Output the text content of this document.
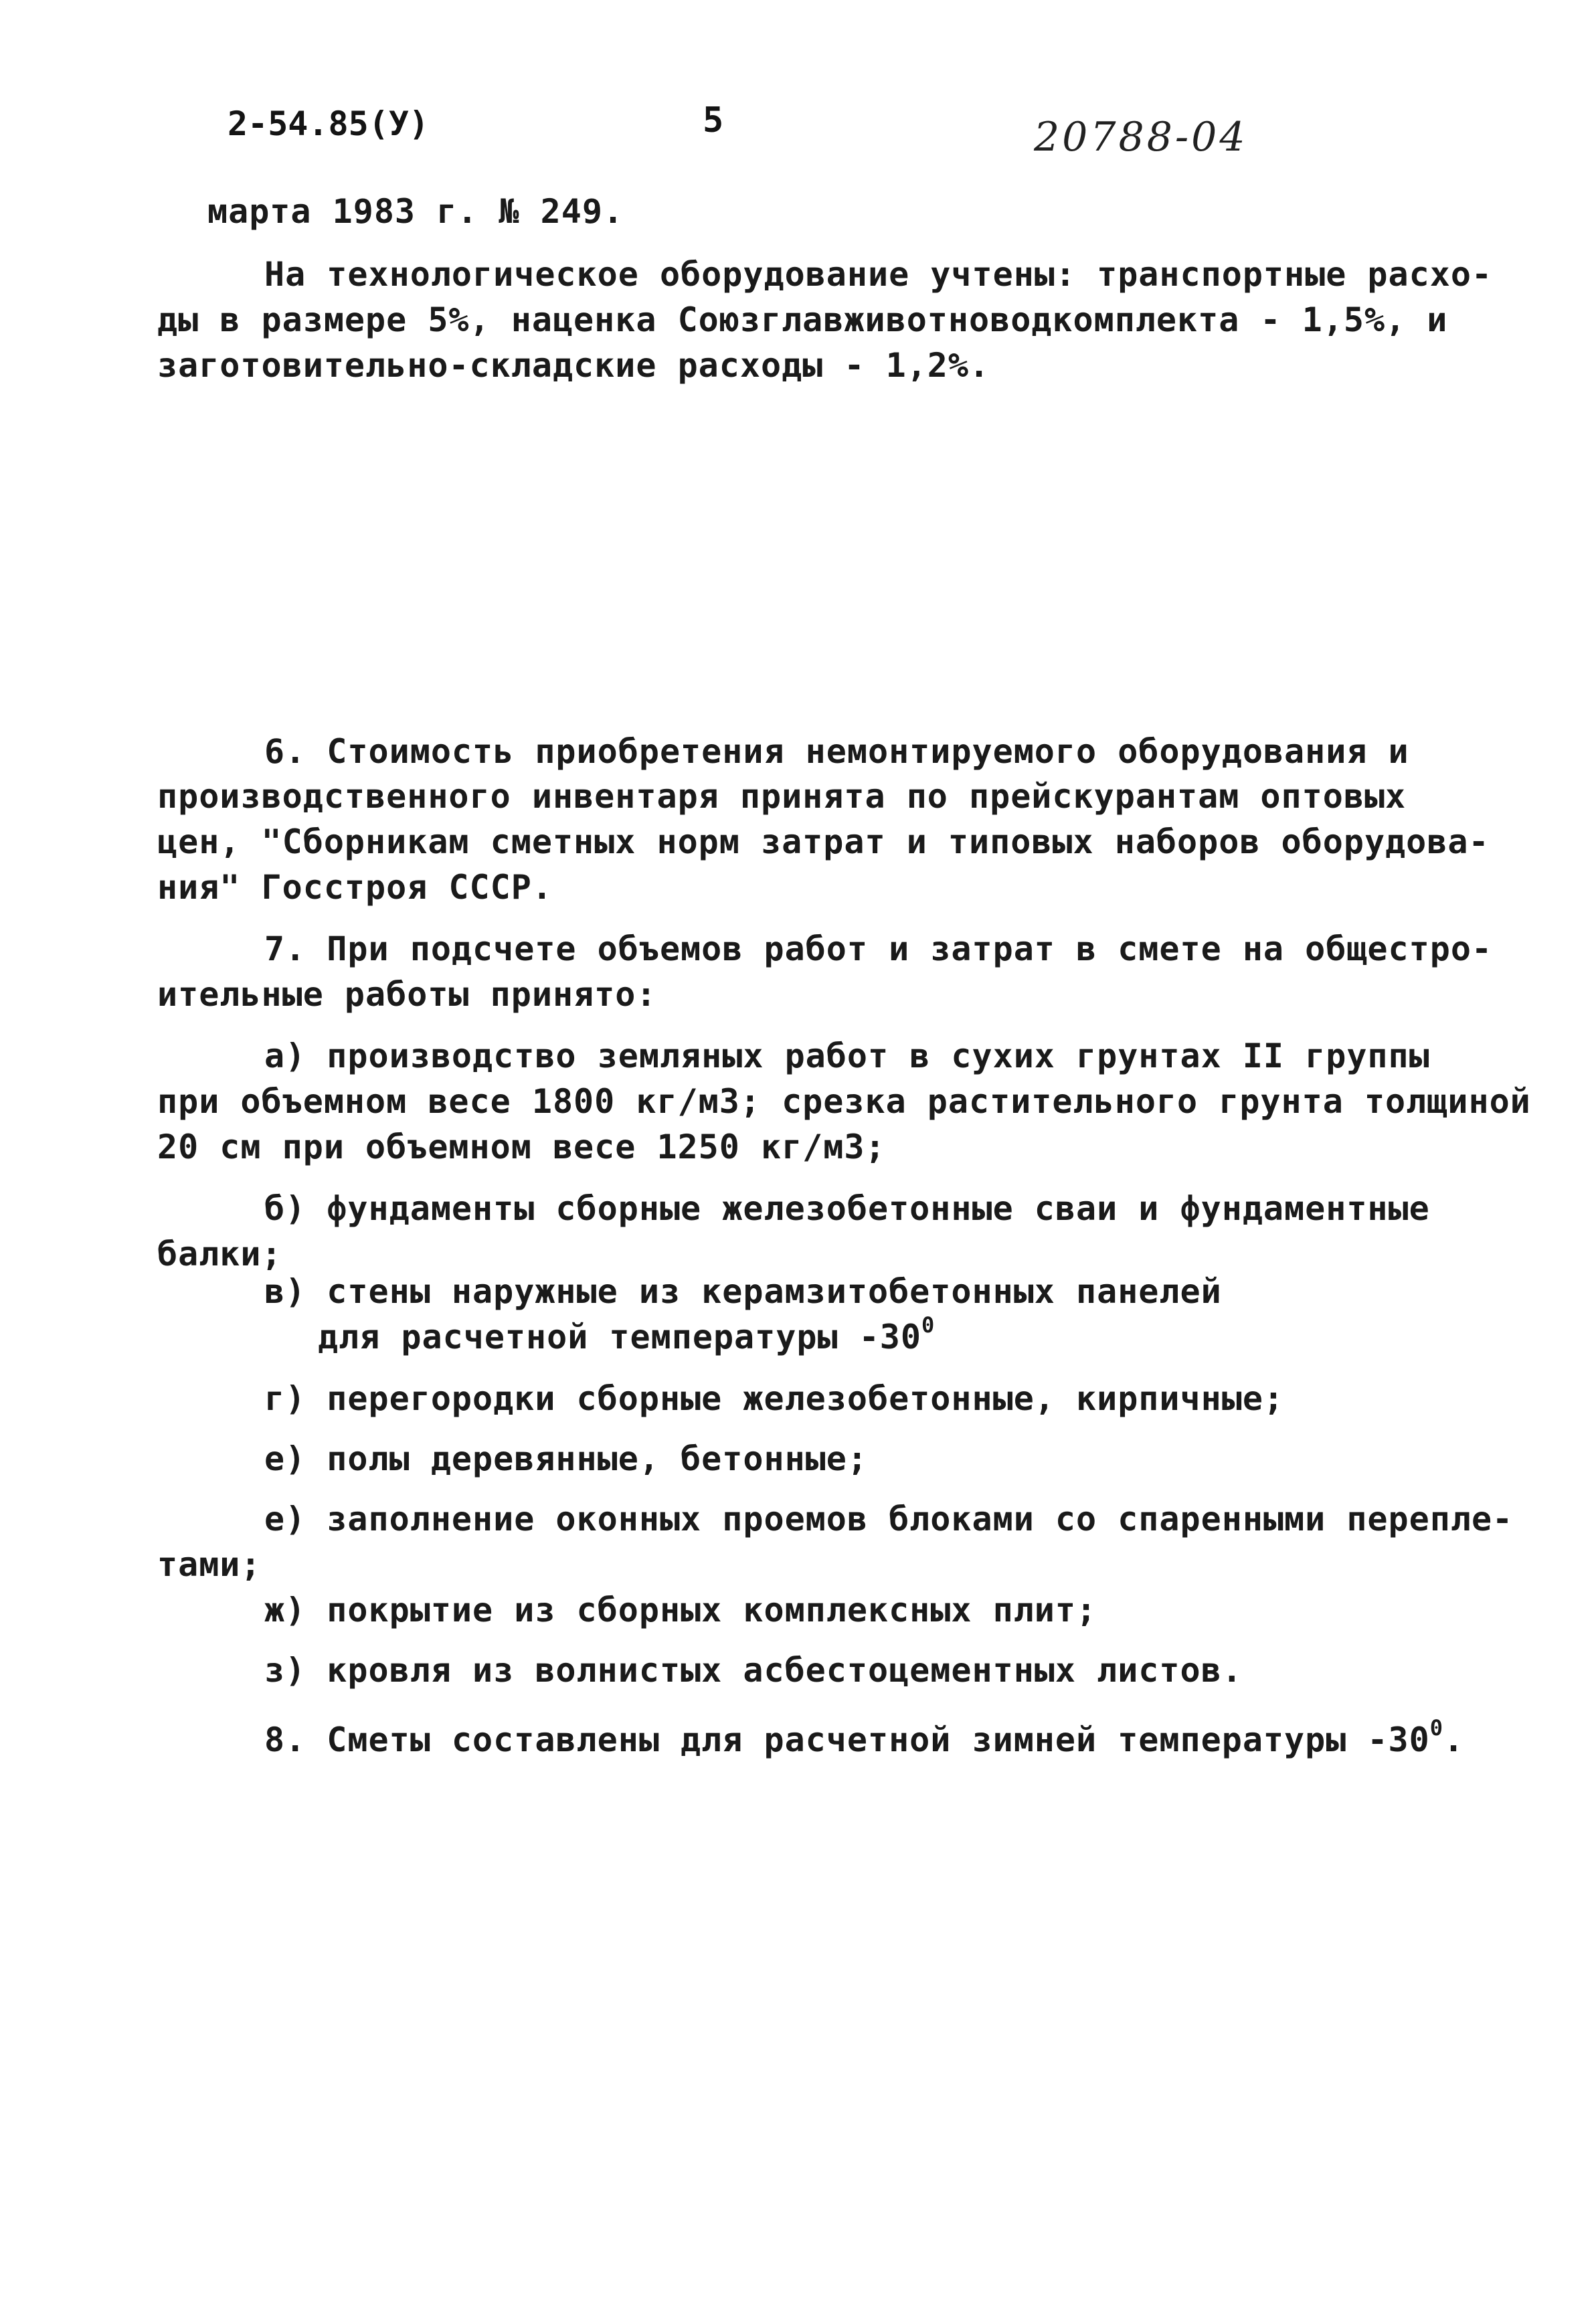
2-54.85(У)	5	20788-04
марта 1983 г. № 249.
На технологическое оборудование учтены: транспортные расхо-
ды в размере 5%, наценка Союзглавживотноводкомплекта - 1,5%, и
заготовительно-складские расходы - 1,2%.
6. Стоимость приобретения немонтируемого оборудования и
производственного инвентаря принята по прейскурантам оптовых
цен, "Сборникам сметных норм затрат и типовых наборов оборудова-
ния" Госстроя СССР.
7. При подсчете объемов работ и затрат в смете на общестро-
ительные работы принято:
а) производство земляных работ в сухих грунтах II группы
при объемном весе 1800 кг/м3; срезка растительного грунта толщиной
20 см при объемном весе 1250 кг/м3;
б) фундаменты сборные железобетонные сваи и фундаментные
балки;
в) стены наружные из керамзитобетонных панелей
для расчетной температуры $-30^0$
г) перегородки сборные железобетонные, кирпичные;
е) полы деревянные, бетонные;
е) заполнение оконных проемов блоками со спаренными перепле-
тами;
ж) покрытие из сборных комплексных плит;
з) кровля из волнистых асбестоцементных листов.
8. Сметы составлены для расчетной зимней температуры $-30^0$.
